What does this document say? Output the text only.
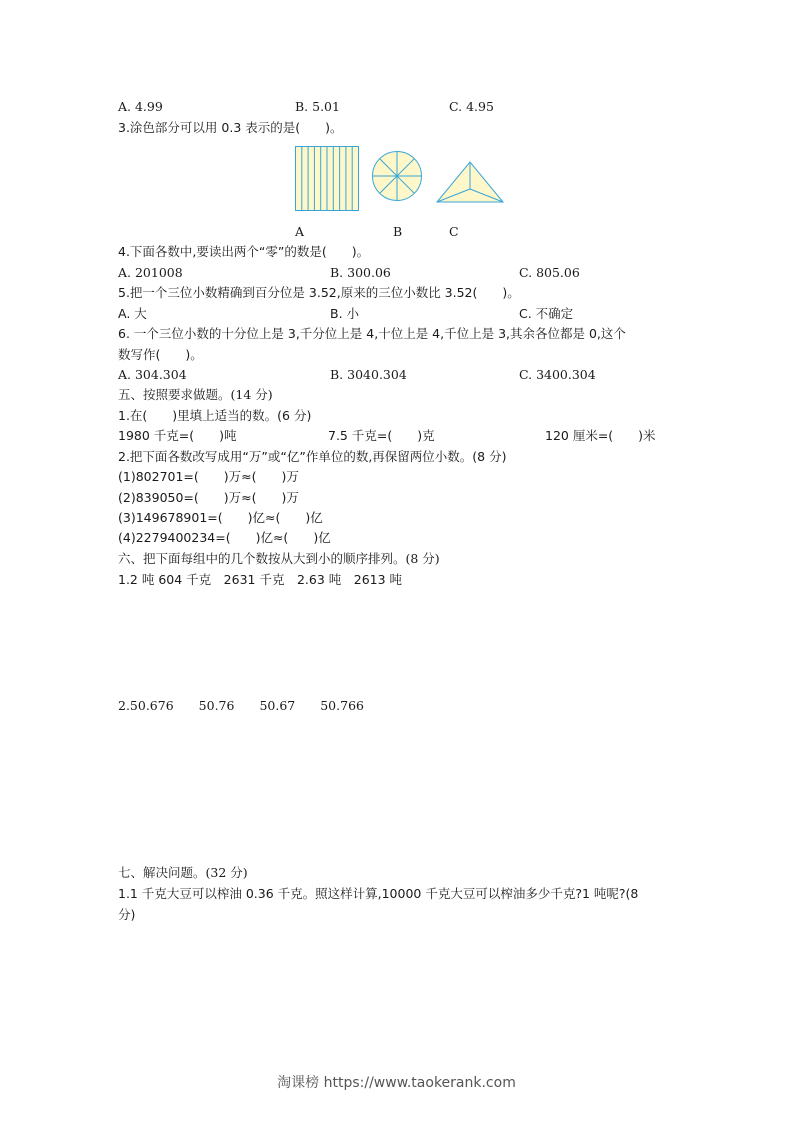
A. 4.99	B. 5.01	C. 4.95
3.涂色部分可以用 0.3 表示的是(　　)。
A	B	C
4.下面各数中,要读出两个“零”的数是(　　)。
A. 201008	B. 300.06	C. 805.06
5.把一个三位小数精确到百分位是 3.52,原来的三位小数比 3.52(　　)。
A. 大	B. 小	C. 不确定
6. 一个三位小数的十分位上是 3,千分位上是 4,十位上是 4,千位上是 3,其余各位都是 0,这个
数写作(　　)。
A. 304.304	B. 3040.304	C. 3400.304
五、按照要求做题。(14 分)
1.在(　　)里填上适当的数。(6 分)
1980 千克=(　　)吨	7.5 千克=(　　)克	120 厘米=(　　)米
2.把下面各数改写成用“万”或“亿”作单位的数,再保留两位小数。(8 分)
(1)802701=(　　)万≈(　　)万
(2)839050=(　　)万≈(　　)万
(3)149678901=(　　)亿≈(　　)亿
(4)2279400234=(　　)亿≈(　　)亿
六、把下面每组中的几个数按从大到小的顺序排列。(8 分)
1.2 吨 604 千克　2631 千克　2.63 吨　2613 吨
2.50.676　　50.76　　50.67　　50.766
七、解决问题。(32 分)
1.1 千克大豆可以榨油 0.36 千克。照这样计算,10000 千克大豆可以榨油多少千克?1 吨呢?(8
分)
淘课榜 https://www.taokerank.com
